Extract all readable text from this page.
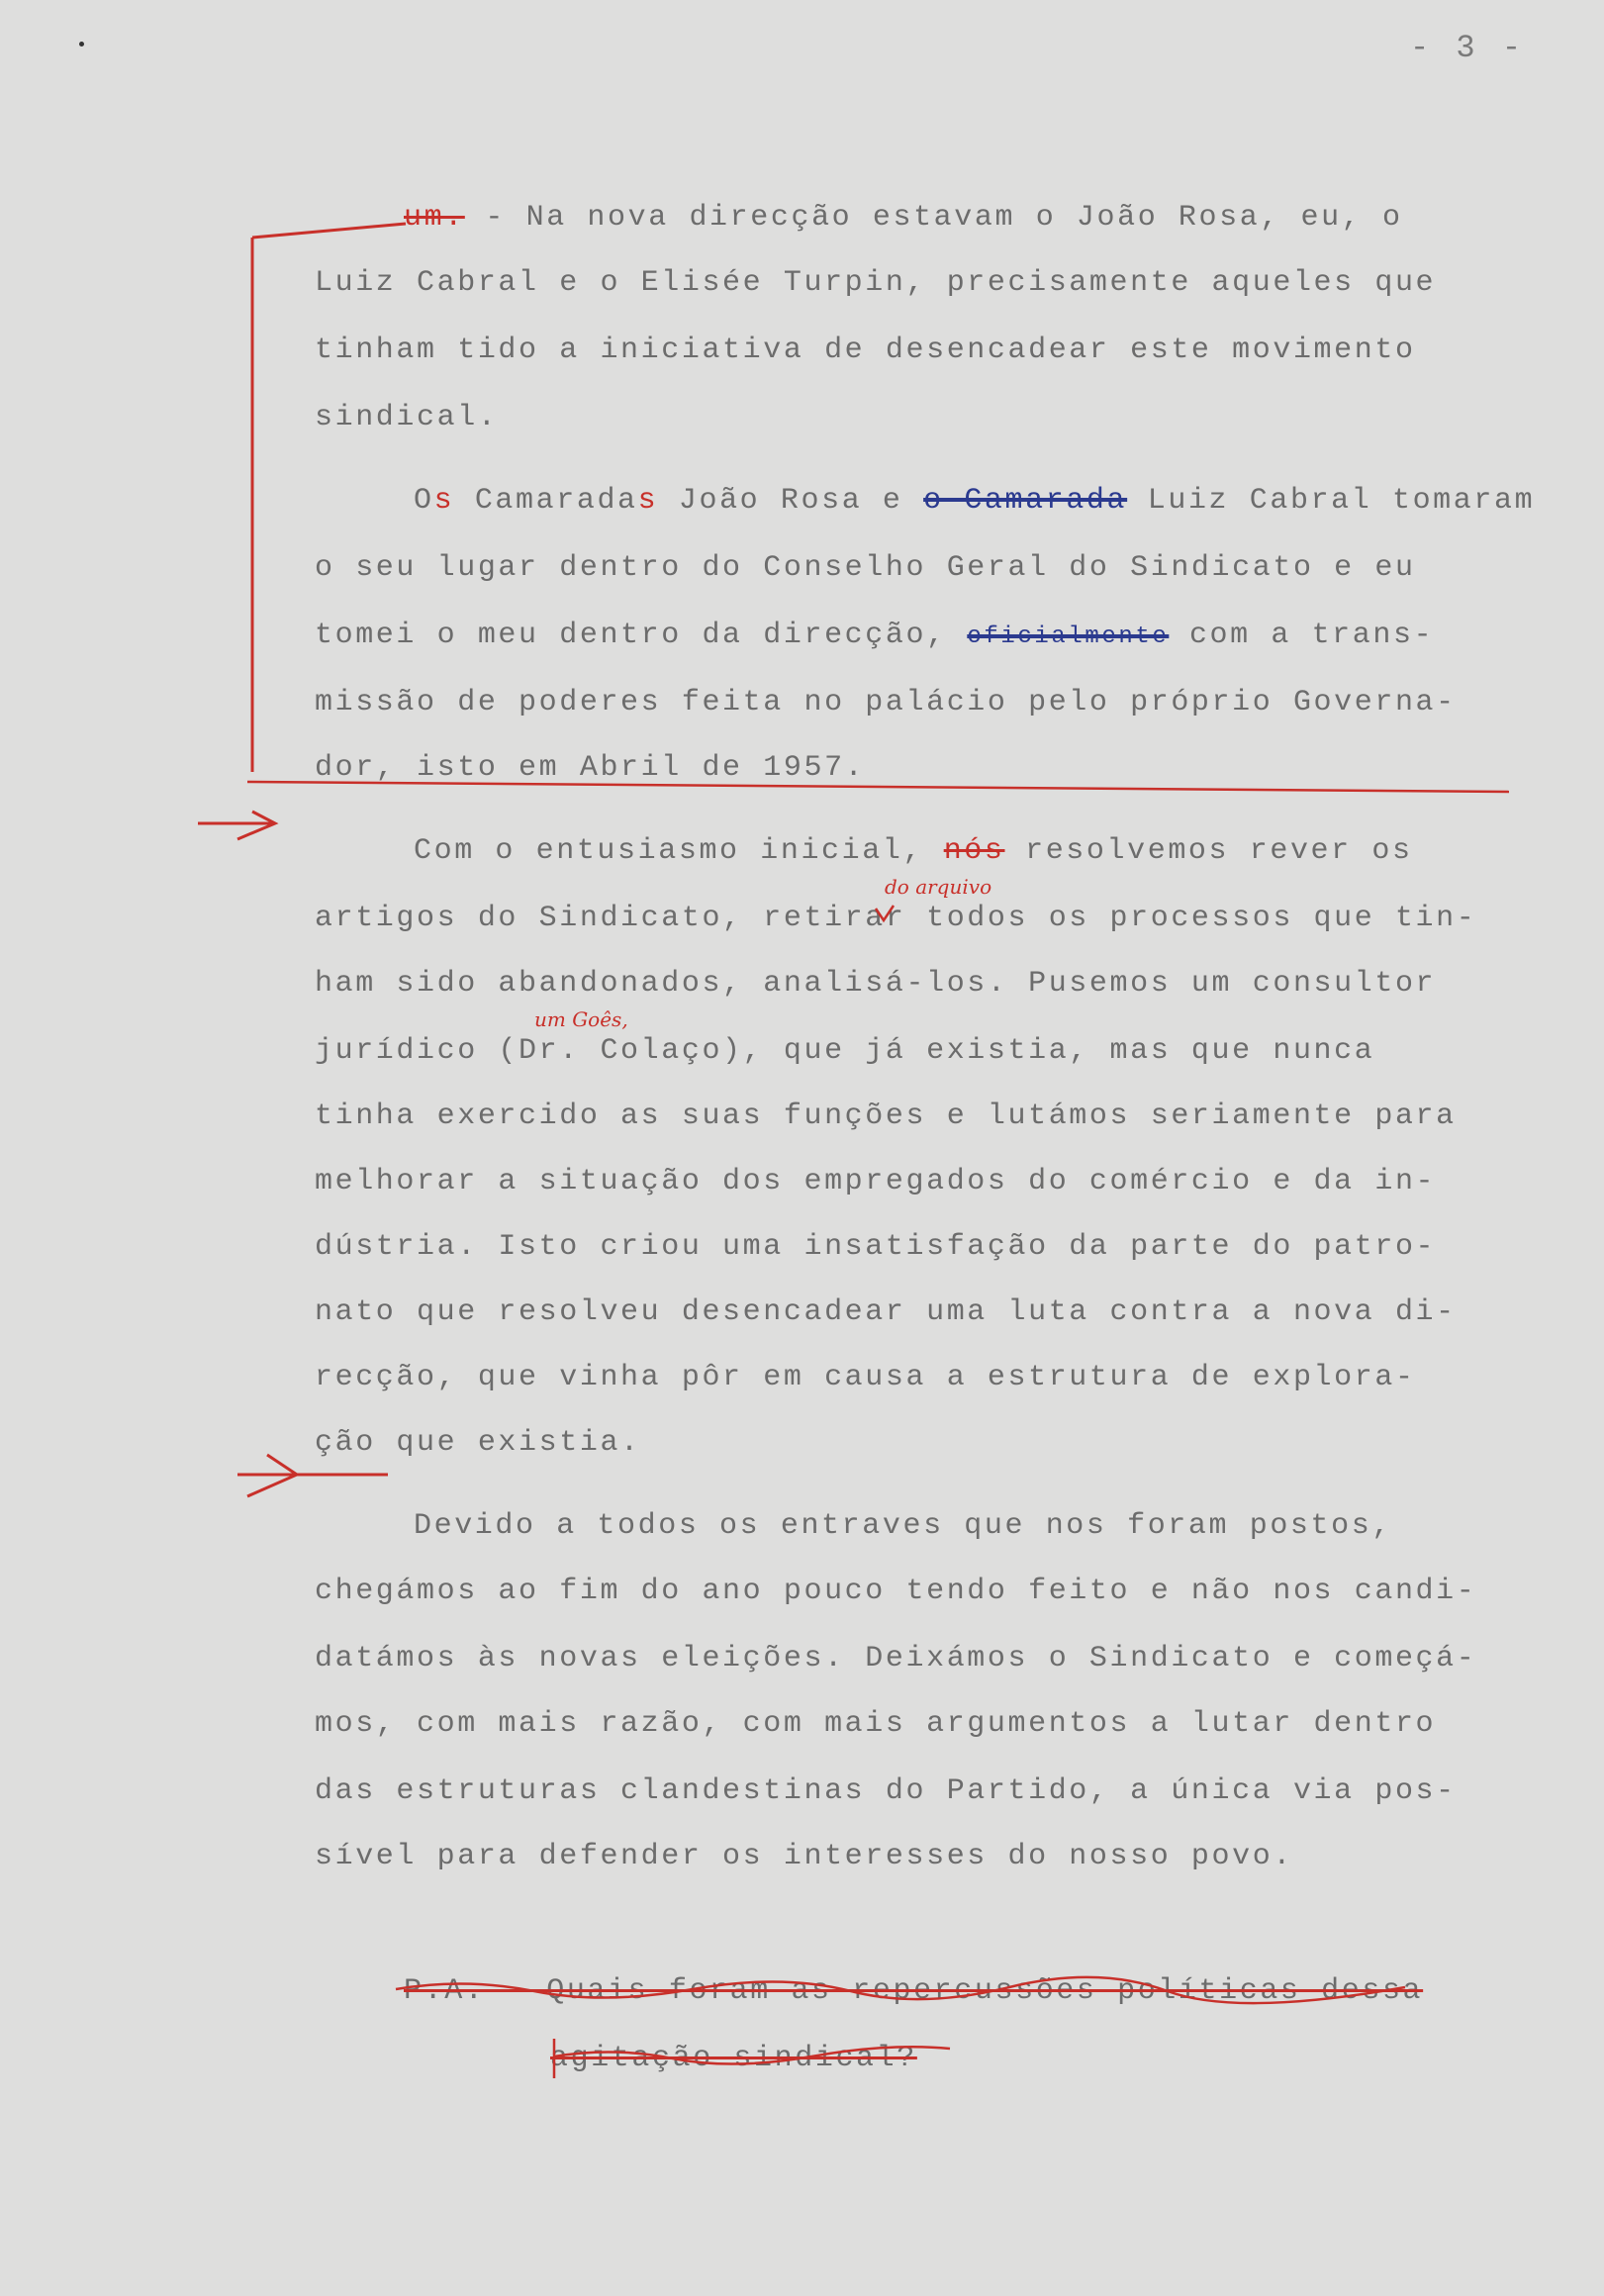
- 3 -
um. - Na nova direcção estavam o João Rosa, eu, o
Luiz Cabral e o Elisée Turpin, precisamente aqueles que
tinham tido a iniciativa de desencadear este movimento
sindical.
Os Camaradas João Rosa e o Camarada Luiz Cabral tomaram
o seu lugar dentro do Conselho Geral do Sindicato e eu
tomei o meu dentro da direcção, oficialmente com a trans-
missão de poderes feita no palácio pelo próprio Governa-
dor, isto em Abril de 1957.
Com o entusiasmo inicial, nós resolvemos rever os
do arquivo
artigos do Sindicato, retirar todos os processos que tin-
ham sido abandonados, analisá-los. Pusemos um consultor
um Goês,
jurídico (Dr. Colaço), que já existia, mas que nunca
tinha exercido as suas funções e lutámos seriamente para
melhorar a situação dos empregados do comércio e da in-
dústria. Isto criou uma insatisfação da parte do patro-
nato que resolveu desencadear uma luta contra a nova di-
recção, que vinha pôr em causa a estrutura de explora-
ção que existia.
Devido a todos os entraves que nos foram postos,
chegámos ao fim do ano pouco tendo feito e não nos candi-
datámos às novas eleições. Deixámos o Sindicato e começá-
mos, com mais razão, com mais argumentos a lutar dentro
das estruturas clandestinas do Partido, a única via pos-
sível para defender os interesses do nosso povo.
P.A. - Quais foram as repercussões políticas dessa
agitação sindical?
